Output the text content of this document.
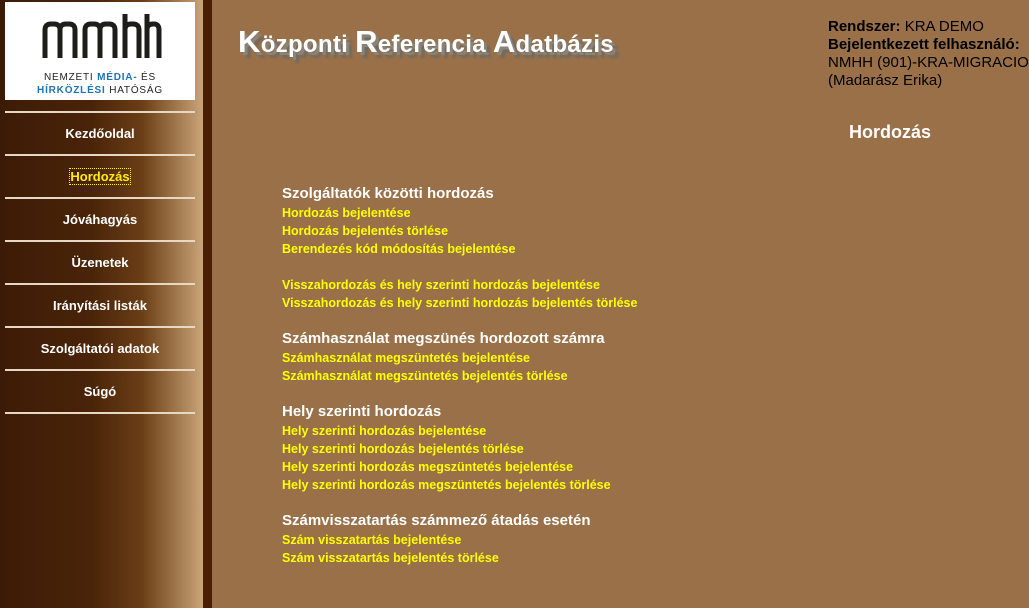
NEMZETI MÉDIA- ÉS
HÍRKÖZLÉSI HATÓSÁG
Kezdőoldal
Hordozás
Jóváhagyás
Üzenetek
Irányítási listák
Szolgáltatói adatok
Súgó
Központi Referencia Adatbázis
Rendszer: KRA DEMO
Bejelentkezett felhasználó:
NMHH (901)-KRA-MIGRACIO
(Madarász Erika)
Hordozás
Szolgáltatók közötti hordozás
Hordozás bejelentése
Hordozás bejelentés törlése
Berendezés kód módosítás bejelentése
Visszahordozás és hely szerinti hordozás bejelentése
Visszahordozás és hely szerinti hordozás bejelentés törlése
Számhasználat megszünés hordozott számra
Számhasználat megszüntetés bejelentése
Számhasználat megszüntetés bejelentés törlése
Hely szerinti hordozás
Hely szerinti hordozás bejelentése
Hely szerinti hordozás bejelentés törlése
Hely szerinti hordozás megszüntetés bejelentése
Hely szerinti hordozás megszüntetés bejelentés törlése
Számvisszatartás számmező átadás esetén
Szám visszatartás bejelentése
Szám visszatartás bejelentés törlése
